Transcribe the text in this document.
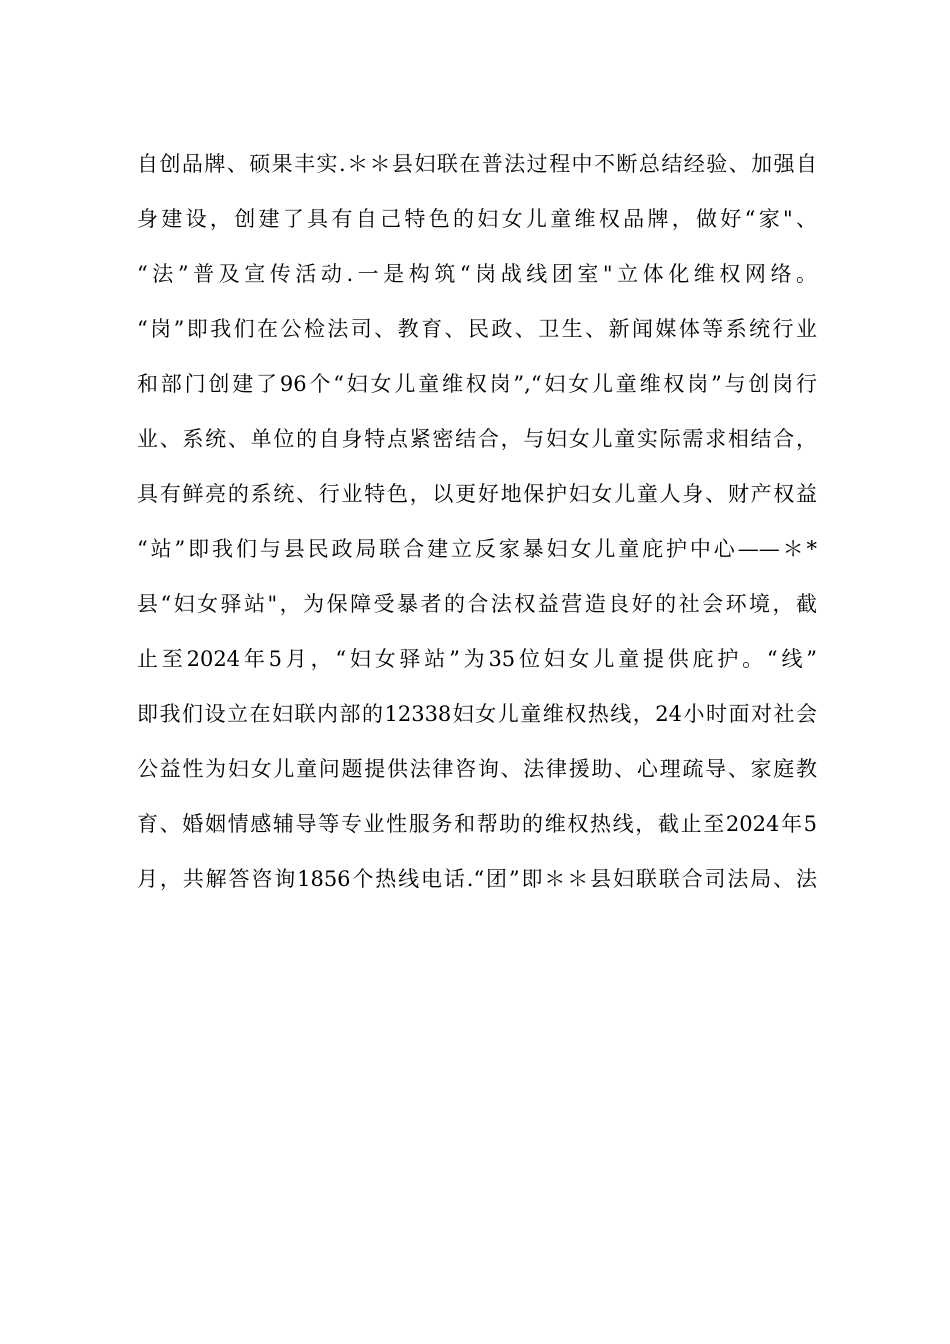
自创品牌、硕果丰实.＊＊县妇联在普法过程中不断总结经验、加强自
身建设，创建了具有自己特色的妇女儿童维权品牌，做好“家"、
“法”普及宣传活动.一是构筑“岗战线团室"立体化维权网络。
“岗”即我们在公检法司、教育、民政、卫生、新闻媒体等系统行业
和部门创建了96个“妇女儿童维权岗”,“妇女儿童维权岗”与创岗行
业、系统、单位的自身特点紧密结合，与妇女儿童实际需求相结合，
具有鲜亮的系统、行业特色，以更好地保护妇女儿童人身、财产权益
“站”即我们与县民政局联合建立反家暴妇女儿童庇护中心——＊*
县“妇女驿站"，为保障受暴者的合法权益营造良好的社会环境，截
止至2024年5月，“妇女驿站”为35位妇女儿童提供庇护。“线”
即我们设立在妇联内部的12338妇女儿童维权热线，24小时面对社会
公益性为妇女儿童问题提供法律咨询、法律援助、心理疏导、家庭教
育、婚姻情感辅导等专业性服务和帮助的维权热线，截止至2024年5
月，共解答咨询1856个热线电话.“团”即＊＊县妇联联合司法局、法
